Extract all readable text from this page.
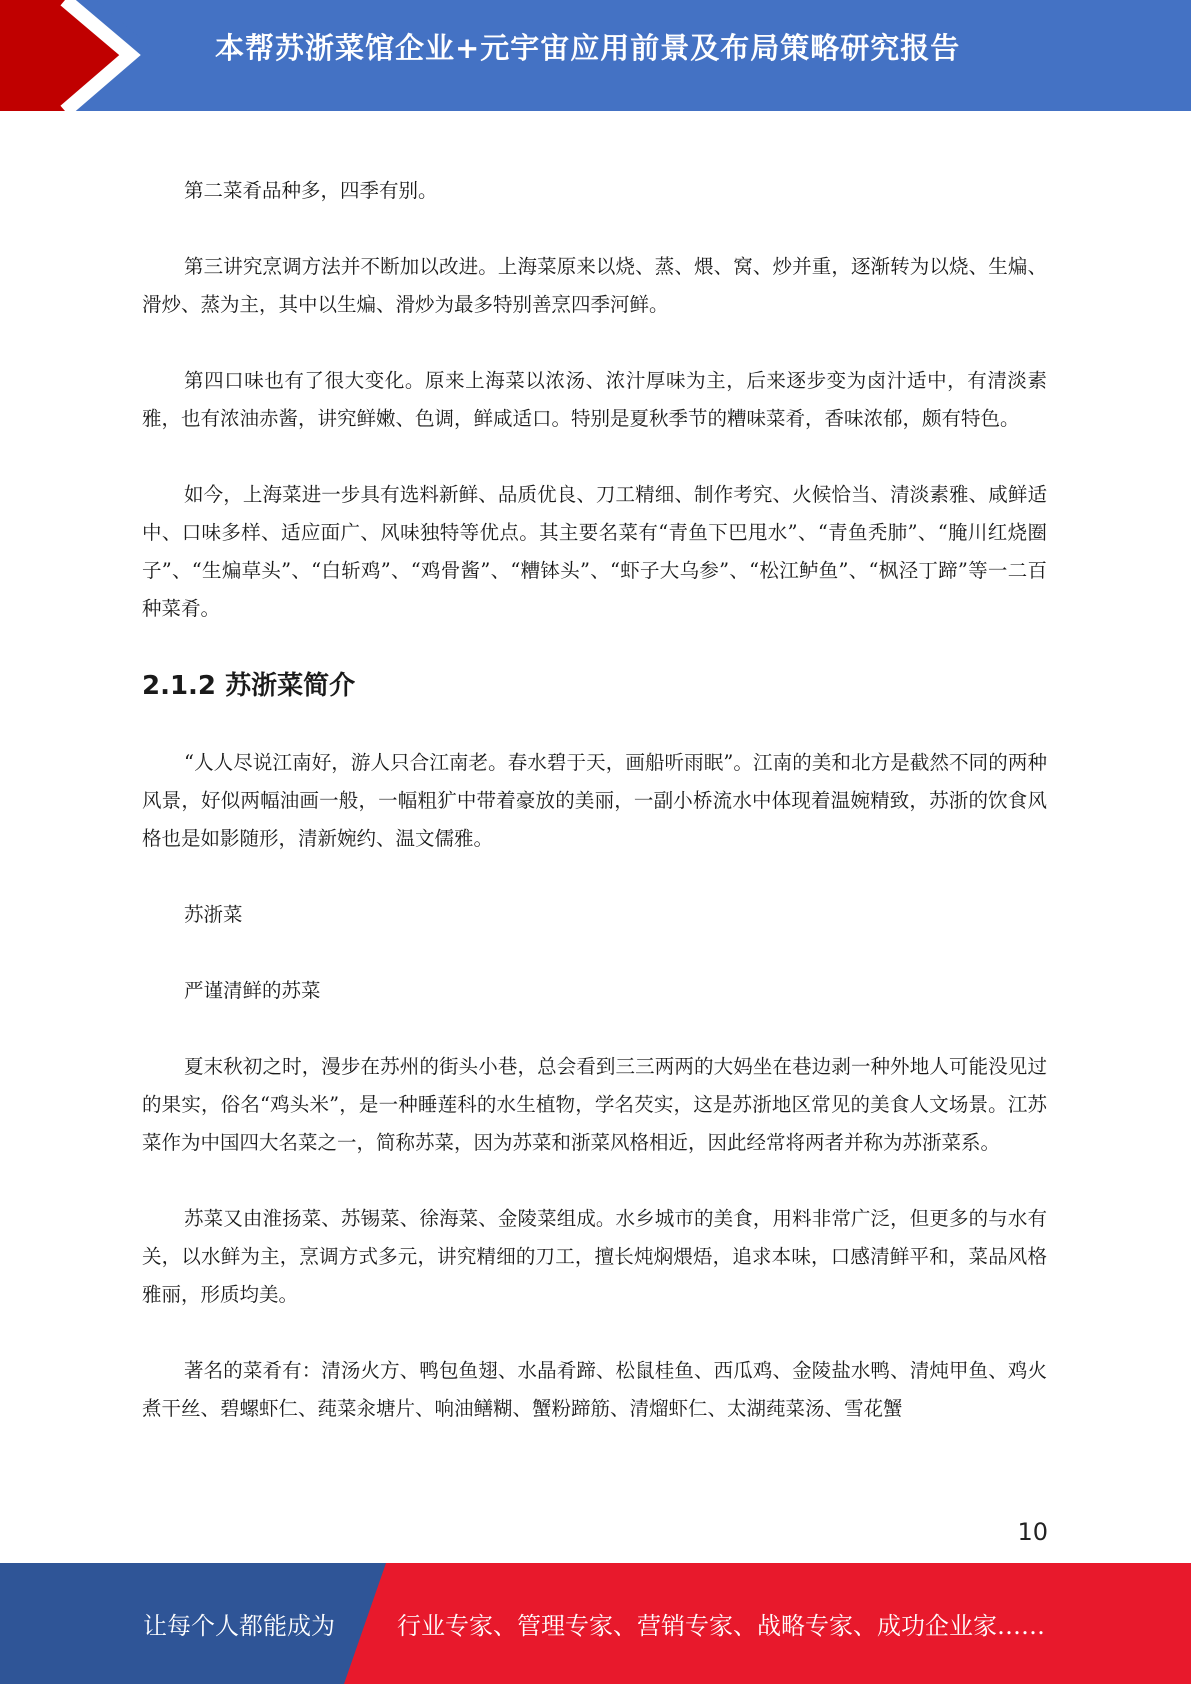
本帮苏浙菜馆企业+元宇宙应用前景及布局策略研究报告

第二菜肴品种多，四季有别。

第三讲究烹调方法并不断加以改进。上海菜原来以烧、蒸、煨、窝、炒并重，逐渐转为以烧、生煸、滑炒、蒸为主，其中以生煸、滑炒为最多特别善烹四季河鲜。

第四口味也有了很大变化。原来上海菜以浓汤、浓汁厚味为主，后来逐步变为卤汁适中，有清淡素雅，也有浓油赤酱，讲究鲜嫩、色调，鲜咸适口。特别是夏秋季节的糟味菜肴，香味浓郁，颇有特色。

如今，上海菜进一步具有选料新鲜、品质优良、刀工精细、制作考究、火候恰当、清淡素雅、咸鲜适中、口味多样、适应面广、风味独特等优点。其主要名菜有“青鱼下巴甩水”、“青鱼秃肺”、“腌川红烧圈子”、“生煸草头”、“白斩鸡”、“鸡骨酱”、“糟钵头”、“虾子大乌参”、“松江鲈鱼”、“枫泾丁蹄”等一二百种菜肴。

2.1.2 苏浙菜简介

“人人尽说江南好，游人只合江南老。春水碧于天，画船听雨眠”。江南的美和北方是截然不同的两种风景，好似两幅油画一般，一幅粗犷中带着豪放的美丽，一副小桥流水中体现着温婉精致，苏浙的饮食风格也是如影随形，清新婉约、温文儒雅。

苏浙菜

严谨清鲜的苏菜

夏末秋初之时，漫步在苏州的街头小巷，总会看到三三两两的大妈坐在巷边剥一种外地人可能没见过的果实，俗名“鸡头米”，是一种睡莲科的水生植物，学名芡实，这是苏浙地区常见的美食人文场景。江苏菜作为中国四大名菜之一，简称苏菜，因为苏菜和浙菜风格相近，因此经常将两者并称为苏浙菜系。

苏菜又由淮扬菜、苏锡菜、徐海菜、金陵菜组成。水乡城市的美食，用料非常广泛，但更多的与水有关，以水鲜为主，烹调方式多元，讲究精细的刀工，擅长炖焖煨焐，追求本味，口感清鲜平和，菜品风格雅丽，形质均美。

著名的菜肴有：清汤火方、鸭包鱼翅、水晶肴蹄、松鼠桂鱼、西瓜鸡、金陵盐水鸭、清炖甲鱼、鸡火煮干丝、碧螺虾仁、莼菜汆塘片、响油鳝糊、蟹粉蹄筋、清熘虾仁、太湖莼菜汤、雪花蟹

10
让每个人都能成为	行业专家、管理专家、营销专家、战略专家、成功企业家……
